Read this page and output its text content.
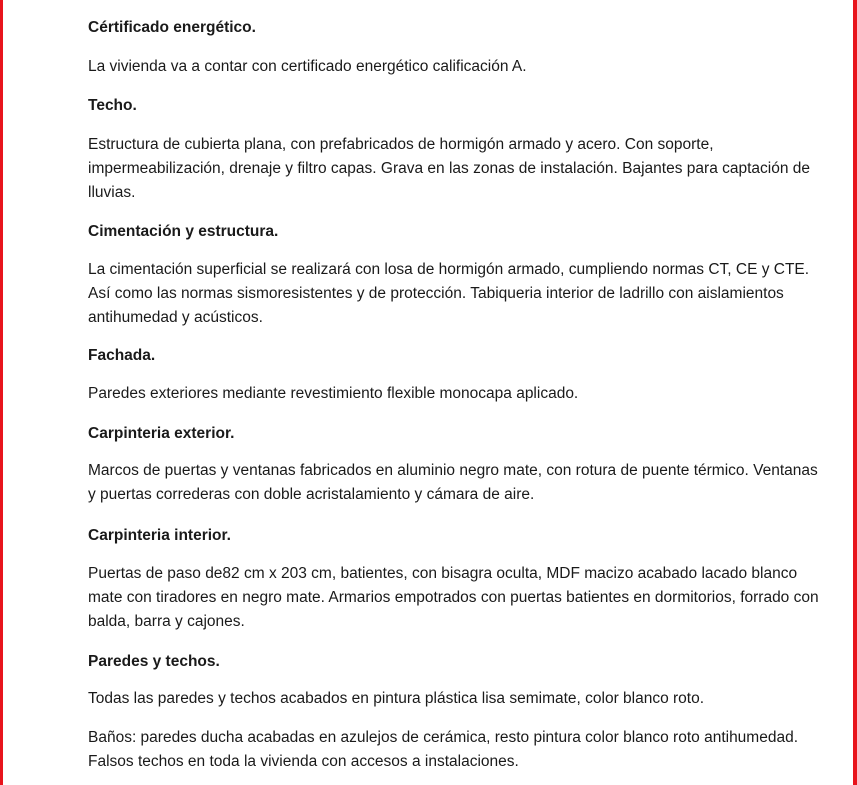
Cértificado energético.

La vivienda va a contar con certificado energético calificación A.

Techo.

Estructura de cubierta plana, con prefabricados de hormigón armado y acero. Con soporte, impermeabilización, drenaje y filtro capas. Grava en las zonas de instalación. Bajantes para captación de lluvias.

Cimentación y estructura.

La cimentación superficial se realizará con losa de hormigón armado, cumpliendo normas CT, CE y CTE. Así como las normas sismoresistentes y de protección. Tabiqueria interior de ladrillo con aislamientos antihumedad y acústicos.

Fachada.

Paredes exteriores mediante revestimiento flexible monocapa aplicado.

Carpinteria exterior.

Marcos de puertas y ventanas fabricados en aluminio negro mate, con rotura de puente térmico. Ventanas y puertas correderas con doble acristalamiento y cámara de aire.

Carpinteria interior.

Puertas de paso de82 cm x 203 cm, batientes, con bisagra oculta, MDF macizo acabado lacado blanco mate con tiradores en negro mate. Armarios empotrados con puertas batientes en dormitorios, forrado con balda, barra y cajones.

Paredes y techos.

Todas las paredes y techos acabados en pintura plástica lisa semimate, color blanco roto.

Baños: paredes ducha acabadas en azulejos de cerámica, resto pintura color blanco roto antihumedad. Falsos techos en toda la vivienda con accesos a instalaciones.
